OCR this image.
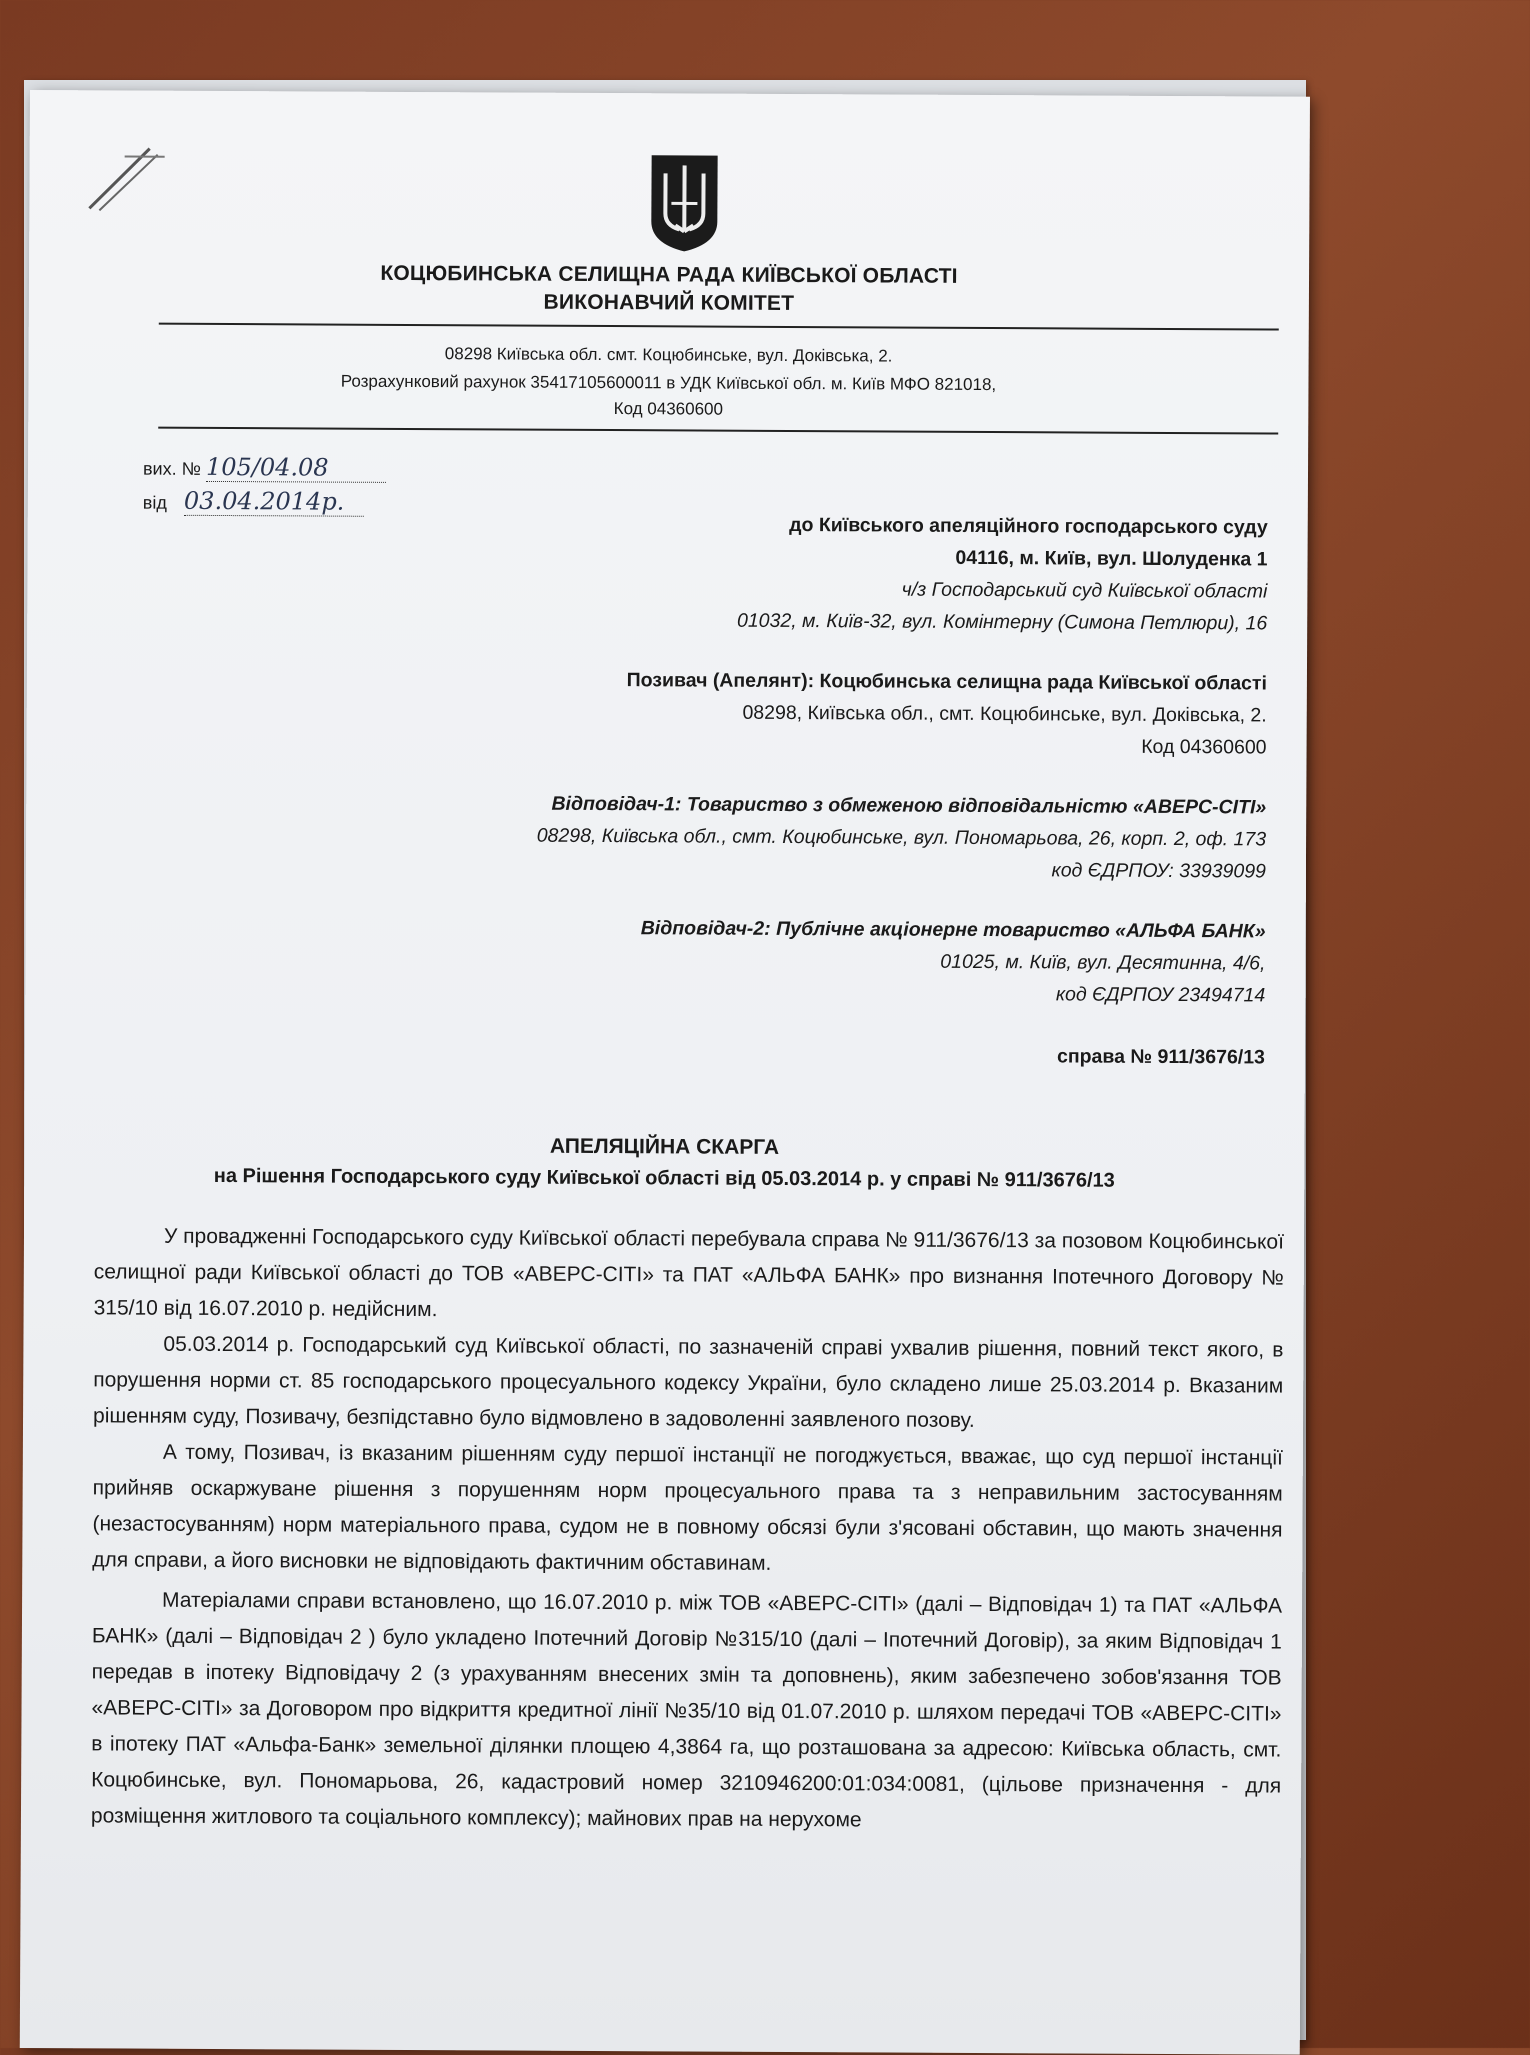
КОЦЮБИНСЬКА СЕЛИЩНА РАДА КИЇВСЬКОЇ ОБЛАСТІ
ВИКОНАВЧИЙ КОМІТЕТ
08298 Київська обл. смт. Коцюбинське, вул. Доківська, 2.
Розрахунковий рахунок 35417105600011 в УДК Київської обл. м. Київ МФО 821018,
Код 04360600
вих. № 105/04.08
від 03.04.2014р.
до Київського апеляційного господарського суду
04116, м. Київ, вул. Шолуденка 1
ч/з Господарський суд Київської області
01032, м. Київ-32, вул. Комінтерну (Симона Петлюри), 16
Позивач (Апелянт): Коцюбинська селищна рада Київської області
08298, Київська обл., смт. Коцюбинське, вул. Доківська, 2.
Код 04360600
Відповідач-1: Товариство з обмеженою відповідальністю «АВЕРС-СІТІ»
08298, Київська обл., смт. Коцюбинське, вул. Пономарьова, 26, корп. 2, оф. 173
код ЄДРПОУ: 33939099
Відповідач-2: Публічне акціонерне товариство «АЛЬФА БАНК»
01025, м. Київ, вул. Десятинна, 4/6,
код ЄДРПОУ 23494714
справа № 911/3676/13
АПЕЛЯЦІЙНА СКАРГА
на Рішення Господарського суду Київської області від 05.03.2014 р. у справі № 911/3676/13

У провадженні Господарського суду Київської області перебувала справа № 911/3676/13 за позовом Коцюбинської селищної ради Київської області до ТОВ «АВЕРС-СІТІ» та ПАТ «АЛЬФА БАНК» про визнання Іпотечного Договору № 315/10 від 16.07.2010 р. недійсним.

05.03.2014 р. Господарський суд Київської області, по зазначеній справі ухвалив рішення, повний текст якого, в порушення норми ст. 85 господарського процесуального кодексу України, було складено лише 25.03.2014 р. Вказаним рішенням суду, Позивачу, безпідставно було відмовлено в задоволенні заявленого позову.

А тому, Позивач, із вказаним рішенням суду першої інстанції не погоджується, вважає, що суд першої інстанції прийняв оскаржуване рішення з порушенням норм процесуального права та з неправильним застосуванням (незастосуванням) норм матеріального права, судом не в повному обсязі були з'ясовані обставин, що мають значення для справи, а його висновки не відповідають фактичним обставинам.

Матеріалами справи встановлено, що 16.07.2010 р. між ТОВ «АВЕРС-СІТІ» (далі – Відповідач 1) та ПАТ «АЛЬФА БАНК» (далі – Відповідач 2 ) було укладено Іпотечний Договір №315/10 (далі – Іпотечний Договір), за яким Відповідач 1 передав в іпотеку Відповідачу 2 (з урахуванням внесених змін та доповнень), яким забезпечено зобов'язання ТОВ «АВЕРС-СІТІ» за Договором про відкриття кредитної лінії №35/10 від 01.07.2010 р. шляхом передачі ТОВ «АВЕРС-СІТІ» в іпотеку ПАТ «Альфа-Банк» земельної ділянки площею 4,3864 га, що розташована за адресою: Київська область, смт. Коцюбинське, вул. Пономарьова, 26, кадастровий номер 3210946200:01:034:0081, (цільове призначення - для розміщення житлового та соціального комплексу); майнових прав на нерухоме
